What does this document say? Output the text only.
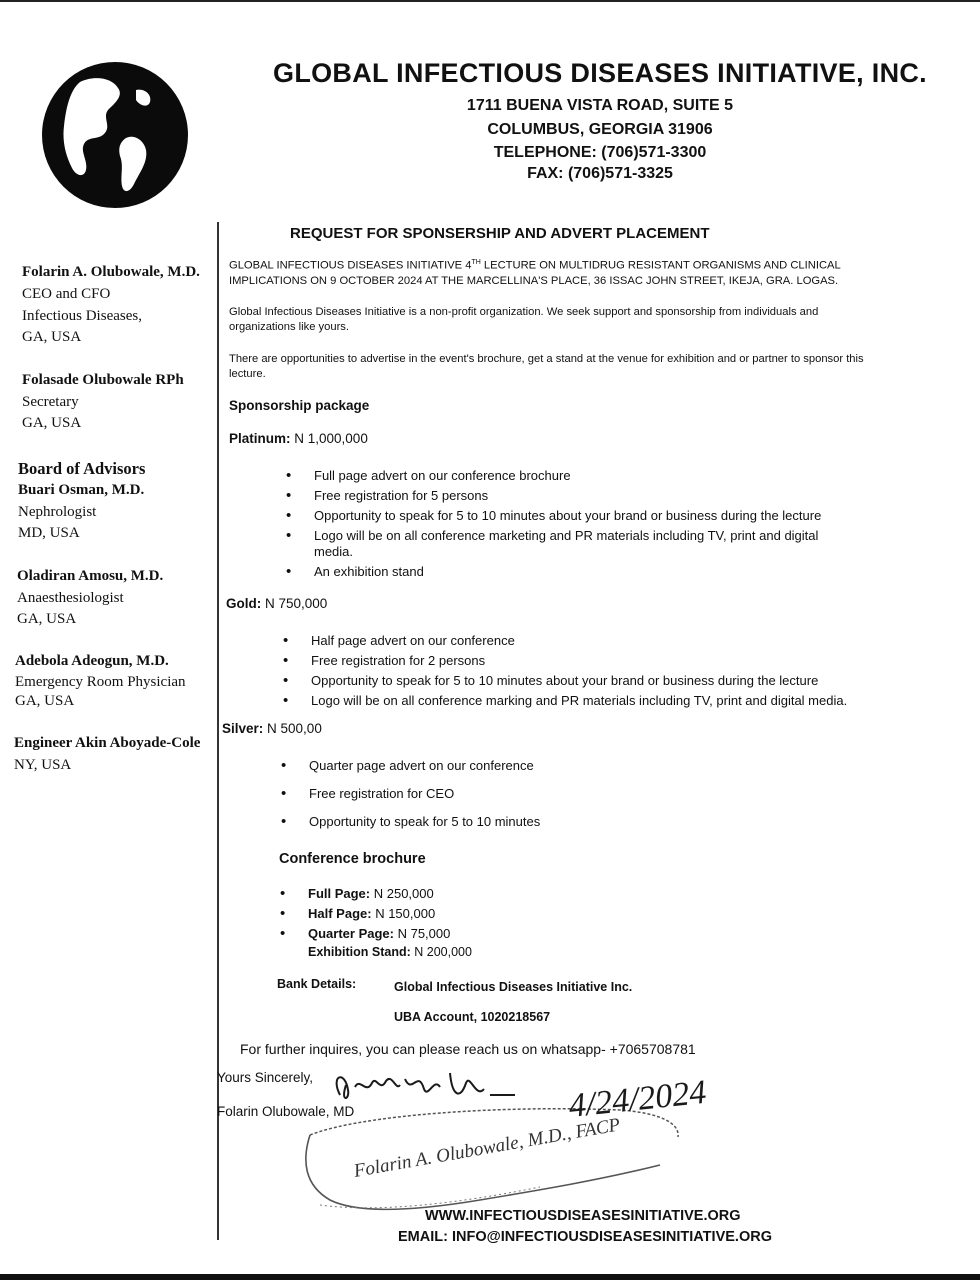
GLOBAL INFECTIOUS DISEASES INITIATIVE, INC.
1711 BUENA VISTA ROAD, SUITE 5
COLUMBUS, GEORGIA 31906
TELEPHONE: (706)571-3300
FAX: (706)571-3325
Folarin A. Olubowale, M.D.
CEO and CFO
Infectious Diseases,
GA, USA
Folasade Olubowale RPh
Secretary
GA, USA
Board of Advisors
Buari Osman, M.D.
Nephrologist
MD, USA
Oladiran Amosu, M.D.
Anaesthesiologist
GA, USA
Adebola Adeogun, M.D.
Emergency Room Physician
GA, USA
Engineer Akin Aboyade-Cole
NY, USA
REQUEST FOR SPONSERSHIP AND ADVERT PLACEMENT
GLOBAL INFECTIOUS DISEASES INITIATIVE 4TH LECTURE ON MULTIDRUG RESISTANT ORGANISMS AND CLINICAL IMPLICATIONS ON 9 OCTOBER 2024 AT THE MARCELLINA'S PLACE, 36 ISSAC JOHN STREET, IKEJA, GRA. LOGAS.
Global Infectious Diseases Initiative is a non-profit organization. We seek support and sponsorship from individuals and organizations like yours.
There are opportunities to advertise in the event's brochure, get a stand at the venue for exhibition and or partner to sponsor this lecture.
Sponsorship package
Platinum: N 1,000,000
• Full page advert on our conference brochure
• Free registration for 5 persons
• Opportunity to speak for 5 to 10 minutes about your brand or business during the lecture
• Logo will be on all conference marketing and PR materials including TV, print and digital media.
• An exhibition stand
Gold: N 750,000
• Half page advert on our conference
• Free registration for 2 persons
• Opportunity to speak for 5 to 10 minutes about your brand or business during the lecture
• Logo will be on all conference marking and PR materials including TV, print and digital media.
Silver: N 500,00
• Quarter page advert on our conference
• Free registration for CEO
• Opportunity to speak for 5 to 10 minutes
Conference brochure
• Full Page: N 250,000
• Half Page: N 150,000
• Quarter Page: N 75,000
Exhibition Stand: N 200,000
Bank Details:	Global Infectious Diseases Initiative Inc.
UBA Account, 1020218567
For further inquires, you can please reach us on whatsapp- +7065708781
Yours Sincerely,
Folarin Olubowale, MD
Folarin A. Olubowale, M.D., FACP
4/24/2024
WWW.INFECTIOUSDISEASESINITIATIVE.ORG
EMAIL: INFO@INFECTIOUSDISEASESINITIATIVE.ORG
